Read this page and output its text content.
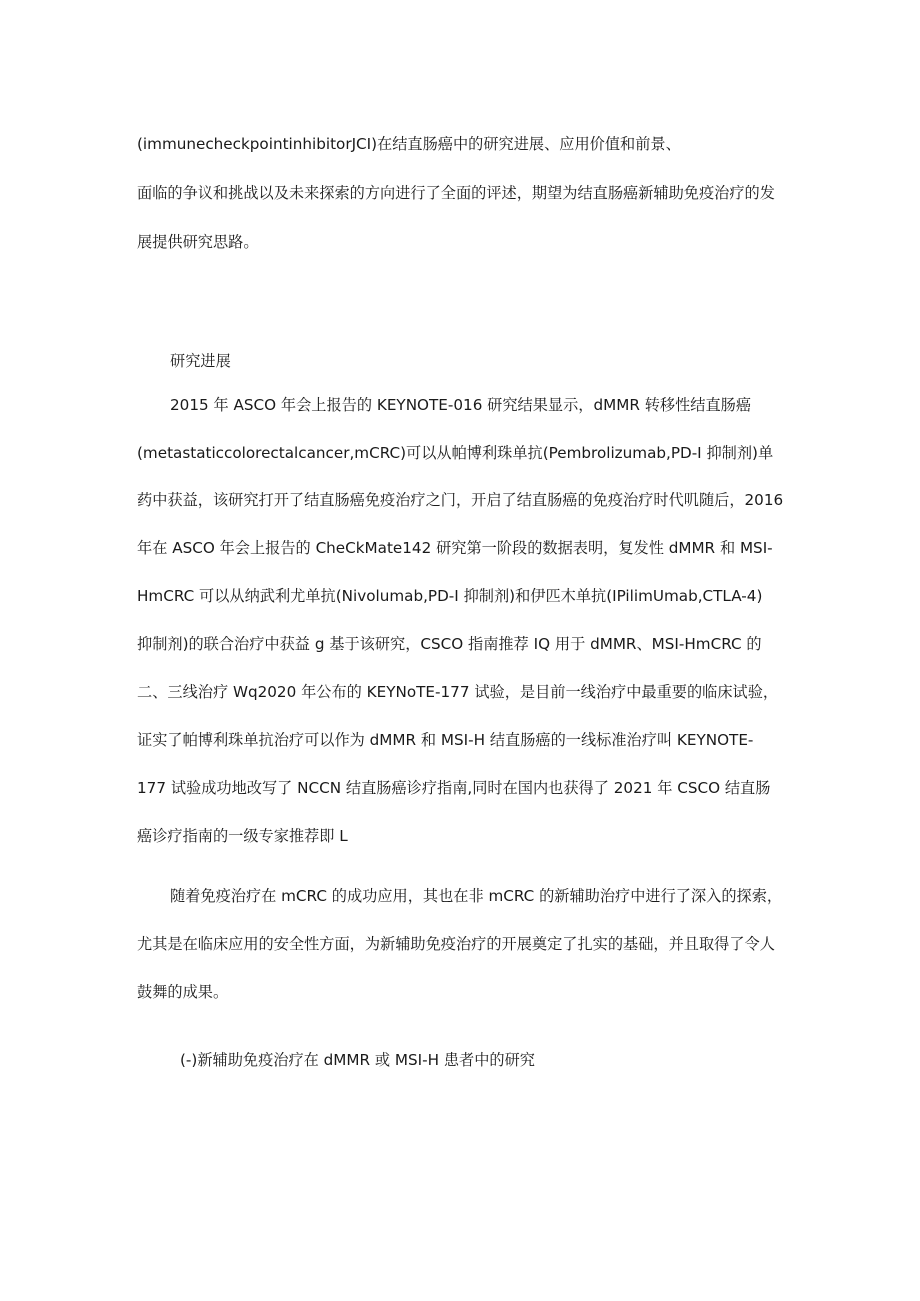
(immunecheckpointinhibitorJCI)在结直肠癌中的研究进展、应用价值和前景、
面临的争议和挑战以及未来探索的方向进行了全面的评述，期望为结直肠癌新辅助免疫治疗的发
展提供研究思路。
研究进展
2015 年 ASCO 年会上报告的 KEYNOTE-016 研究结果显示，dMMR 转移性结直肠癌
(metastaticcolorectalcancer,mCRC)可以从帕博利珠单抗(Pembrolizumab,PD-I 抑制剂)单
药中获益，该研究打开了结直肠癌免疫治疗之门，开启了结直肠癌的免疫治疗时代叽随后，2016
年在 ASCO 年会上报告的 CheCkMate142 研究第一阶段的数据表明，复发性 dMMR 和 MSI-
HmCRC 可以从纳武利尤单抗(Nivolumab,PD-I 抑制剂)和伊匹木单抗(IPilimUmab,CTLA-4)
抑制剂)的联合治疗中获益 g 基于该研究，CSCO 指南推荐 IQ 用于 dMMR、MSI-HmCRC 的
二、三线治疗 Wq2020 年公布的 KEYNoTE-177 试验，是目前一线治疗中最重要的临床试验，
证实了帕博利珠单抗治疗可以作为 dMMR 和 MSI-H 结直肠癌的一线标准治疗叫 KEYNOTE-
177 试验成功地改写了 NCCN 结直肠癌诊疗指南,同时在国内也获得了 2021 年 CSCO 结直肠
癌诊疗指南的一级专家推荐即 L
随着免疫治疗在 mCRC 的成功应用，其也在非 mCRC 的新辅助治疗中进行了深入的探索，
尤其是在临床应用的安全性方面，为新辅助免疫治疗的开展奠定了扎实的基础，并且取得了令人
鼓舞的成果。
(-)新辅助免疫治疗在 dMMR 或 MSI-H 患者中的研究
